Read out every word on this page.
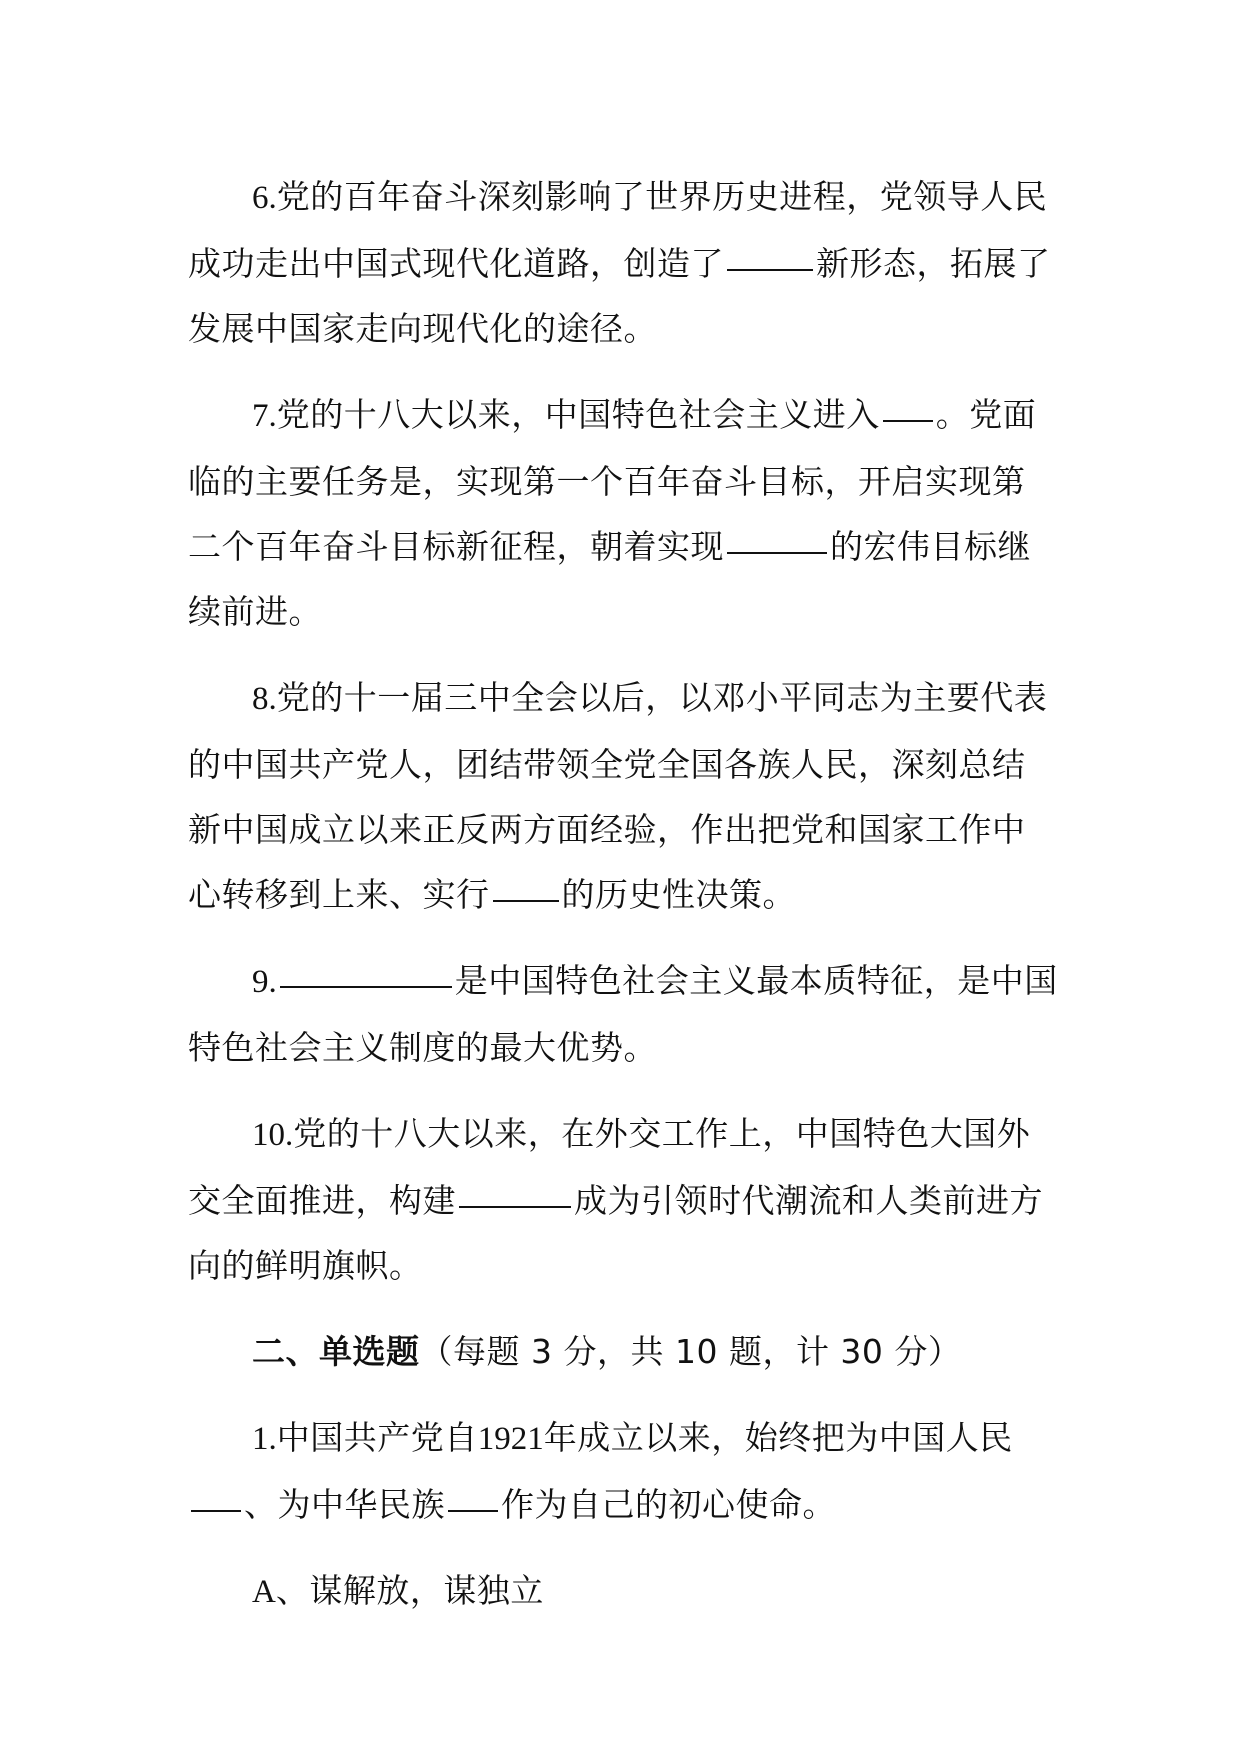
6.党的百年奋斗深刻影响了世界历史进程，党领导人民成功走出中国式现代化道路，创造了	新形态，拓展了发展中国家走向现代化的途径。

7.党的十八大以来，中国特色社会主义进入 。党面临的主要任务是，实现第一个百年奋斗目标，开启实现第二个百年奋斗目标新征程，朝着实现	的宏伟目标继续前进。

8.党的十一届三中全会以后，以邓小平同志为主要代表的中国共产党人，团结带领全党全国各族人民，深刻总结新中国成立以来正反两方面经验，作出把党和国家工作中心转移到上来、实行 的历史性决策。

9.	是中国特色社会主义最本质特征，是中国特色社会主义制度的最大优势。

10.党的十八大以来，在外交工作上，中国特色大国外交全面推进，构建	成为引领时代潮流和人类前进方向的鲜明旗帜。

二、单选题（每题 3 分，共 10 题，计 30 分）

1.中国共产党自1921年成立以来，始终把为中国人民、为中华民族 作为自己的初心使命。

A、谋解放，谋独立
